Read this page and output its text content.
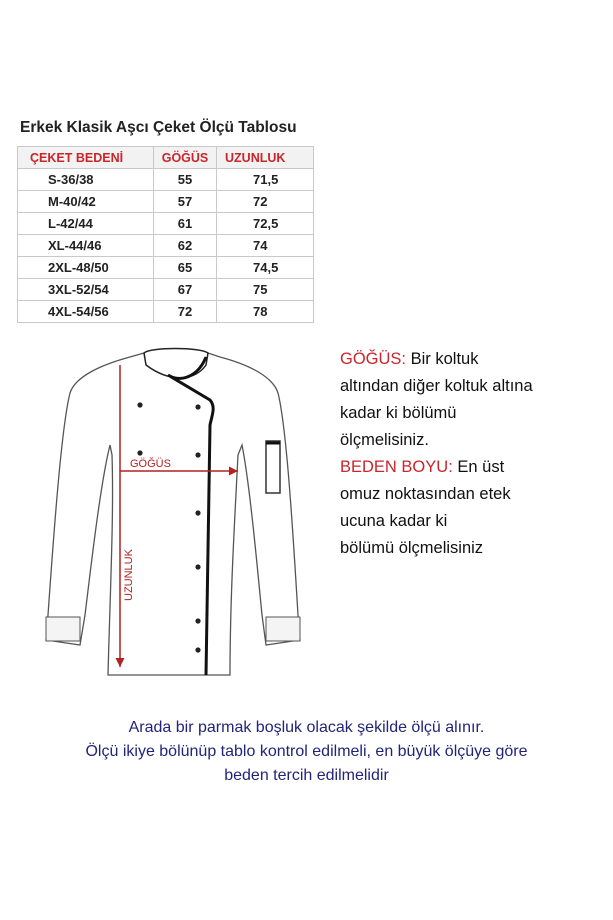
Erkek Klasik Aşcı Çeket Ölçü Tablosu
ÇEKET BEDENİ	GÖĞÜS	UZUNLUK
S-36/38	55	71,5
M-40/42	57	72
L-42/44	61	72,5
XL-44/46	62	74
2XL-48/50	65	74,5
3XL-52/54	67	75
4XL-54/56	72	78
GÖĞÜS
UZUNLUK

GÖĞÜS: Bir koltuk

altından diğer koltuk altına

kadar ki bölümü

ölçmelisiniz.

BEDEN BOYU: En üst

omuz noktasından etek

ucuna kadar ki

bölümü ölçmelisiniz

Arada bir parmak boşluk olacak şekilde ölçü alınır.

Ölçü ikiye bölünüp tablo kontrol edilmeli, en büyük ölçüye göre

beden tercih edilmelidir
